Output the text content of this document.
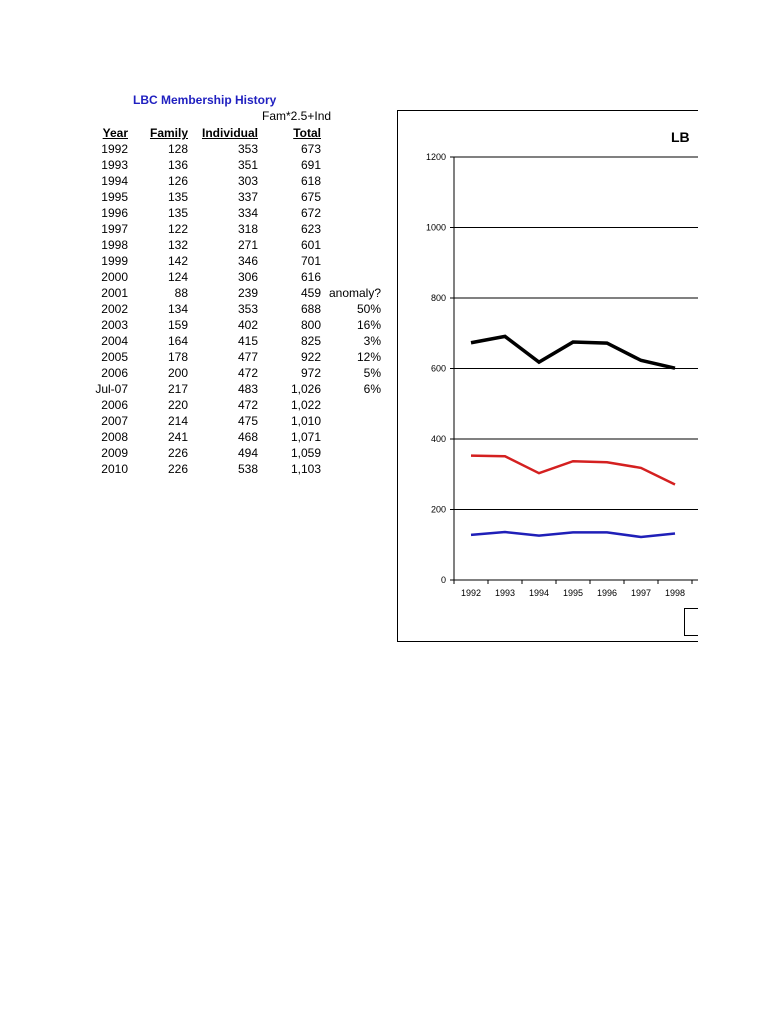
LBC Membership History
Fam*2.5+Ind
Year	Family	Individual	Total	
1992	128	353	673	
1993	136	351	691	
1994	126	303	618	
1995	135	337	675	
1996	135	334	672	
1997	122	318	623	
1998	132	271	601	
1999	142	346	701	
2000	124	306	616	
2001	88	239	459	anomaly?
2002	134	353	688	50%
2003	159	402	800	16%
2004	164	415	825	3%
2005	178	477	922	12%
2006	200	472	972	5%
Jul-07	217	483	1,026	6%
2006	220	472	1,022	
2007	214	475	1,010	
2008	241	468	1,071	
2009	226	494	1,059	
2010	226	538	1,103	
LB
0
200
400
600
800
1000
1200
1992 1993 1994 1995 1996 1997 1998
